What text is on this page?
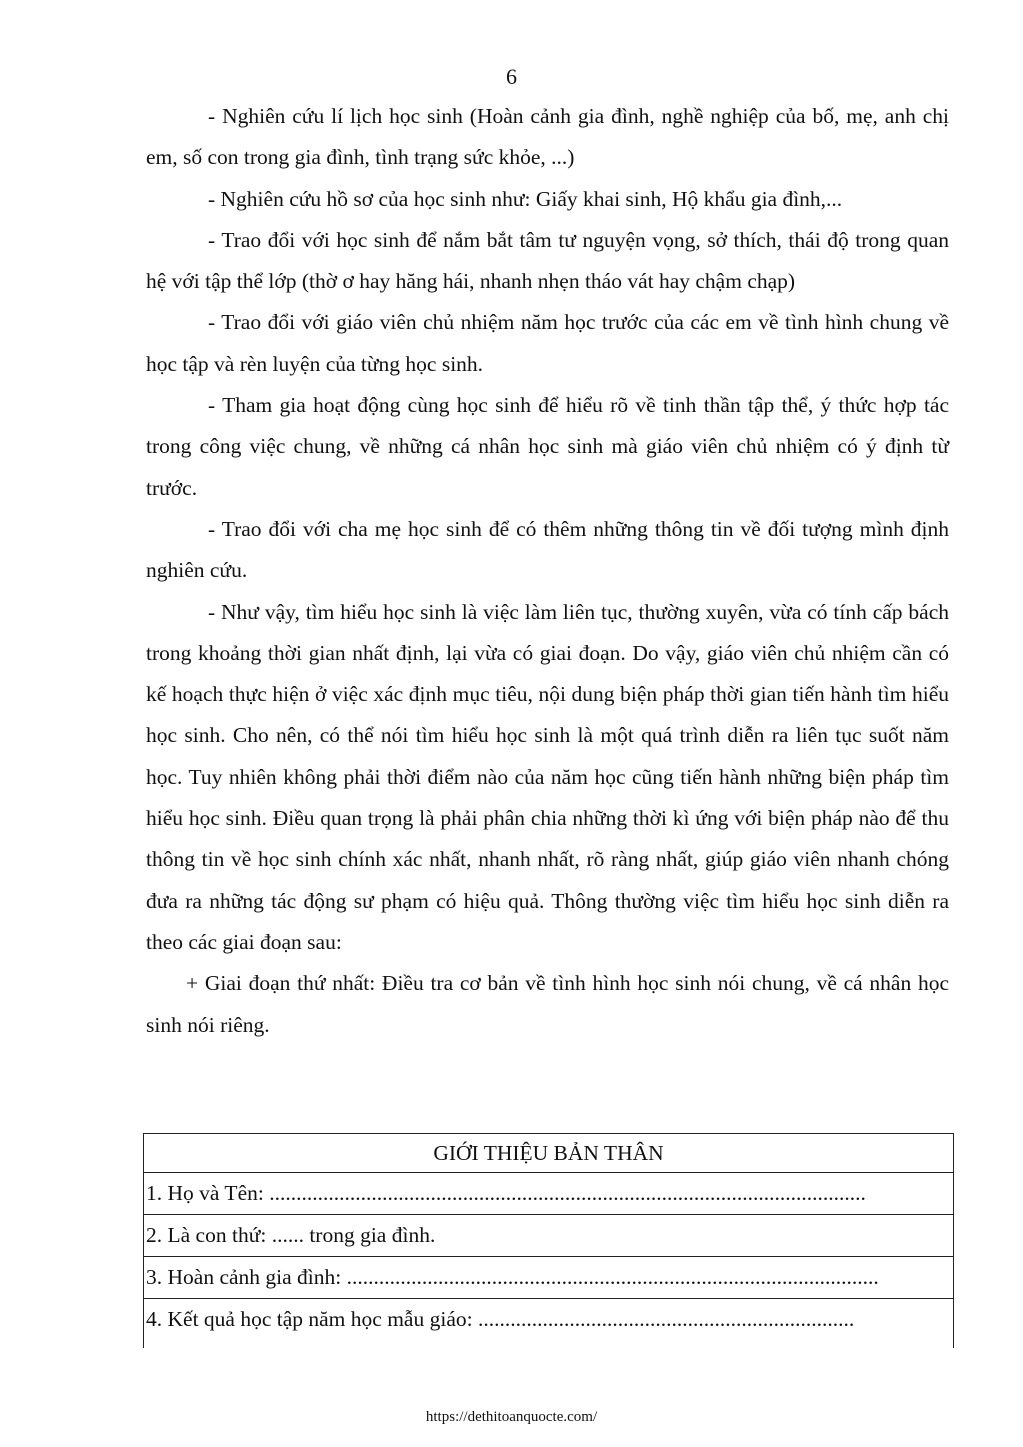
6

- Nghiên cứu lí lịch học sinh (Hoàn cảnh gia đình, nghề nghiệp của bố, mẹ, anh chị em, số con trong gia đình, tình trạng sức khỏe, ...)

- Nghiên cứu hồ sơ của học sinh như: Giấy khai sinh, Hộ khẩu gia đình,...

- Trao đổi với học sinh để nắm bắt tâm tư nguyện vọng, sở thích, thái độ trong quan hệ với tập thể lớp (thờ ơ hay hăng hái, nhanh nhẹn tháo vát hay chậm chạp)

- Trao đổi với giáo viên chủ nhiệm năm học trước của các em về tình hình chung về học tập và rèn luyện của từng học sinh.

- Tham gia hoạt động cùng học sinh để hiểu rõ về tinh thần tập thể, ý thức hợp tác trong công việc chung, về những cá nhân học sinh mà giáo viên chủ nhiệm có ý định từ trước.

- Trao đổi với cha mẹ học sinh để có thêm những thông tin về đối tượng mình định nghiên cứu.

- Như vậy, tìm hiểu học sinh là việc làm liên tục, thường xuyên, vừa có tính cấp bách trong khoảng thời gian nhất định, lại vừa có giai đoạn. Do vậy, giáo viên chủ nhiệm cần có kế hoạch thực hiện ở việc xác định mục tiêu, nội dung biện pháp thời gian tiến hành tìm hiểu học sinh. Cho nên, có thể nói tìm hiểu học sinh là một quá trình diễn ra liên tục suốt năm học. Tuy nhiên không phải thời điểm nào của năm học cũng tiến hành những biện pháp tìm hiểu học sinh. Điều quan trọng là phải phân chia những thời kì ứng với biện pháp nào để thu thông tin về học sinh chính xác nhất, nhanh nhất, rõ ràng nhất, giúp giáo viên nhanh chóng đưa ra những tác động sư phạm có hiệu quả. Thông thường việc tìm hiểu học sinh diễn ra theo các giai đoạn sau:

+ Giai đoạn thứ nhất: Điều tra cơ bản về tình hình học sinh nói chung, về cá nhân học sinh nói riêng.

GIỚI THIỆU BẢN THÂN
1. Họ và Tên: ...............................................................................................................
2. Là con thứ: ...... trong gia đình.
3. Hoàn cảnh gia đình: ...................................................................................................
4. Kết quả học tập năm học mẫu giáo: ......................................................................
https://dethitoanquocte.com/
